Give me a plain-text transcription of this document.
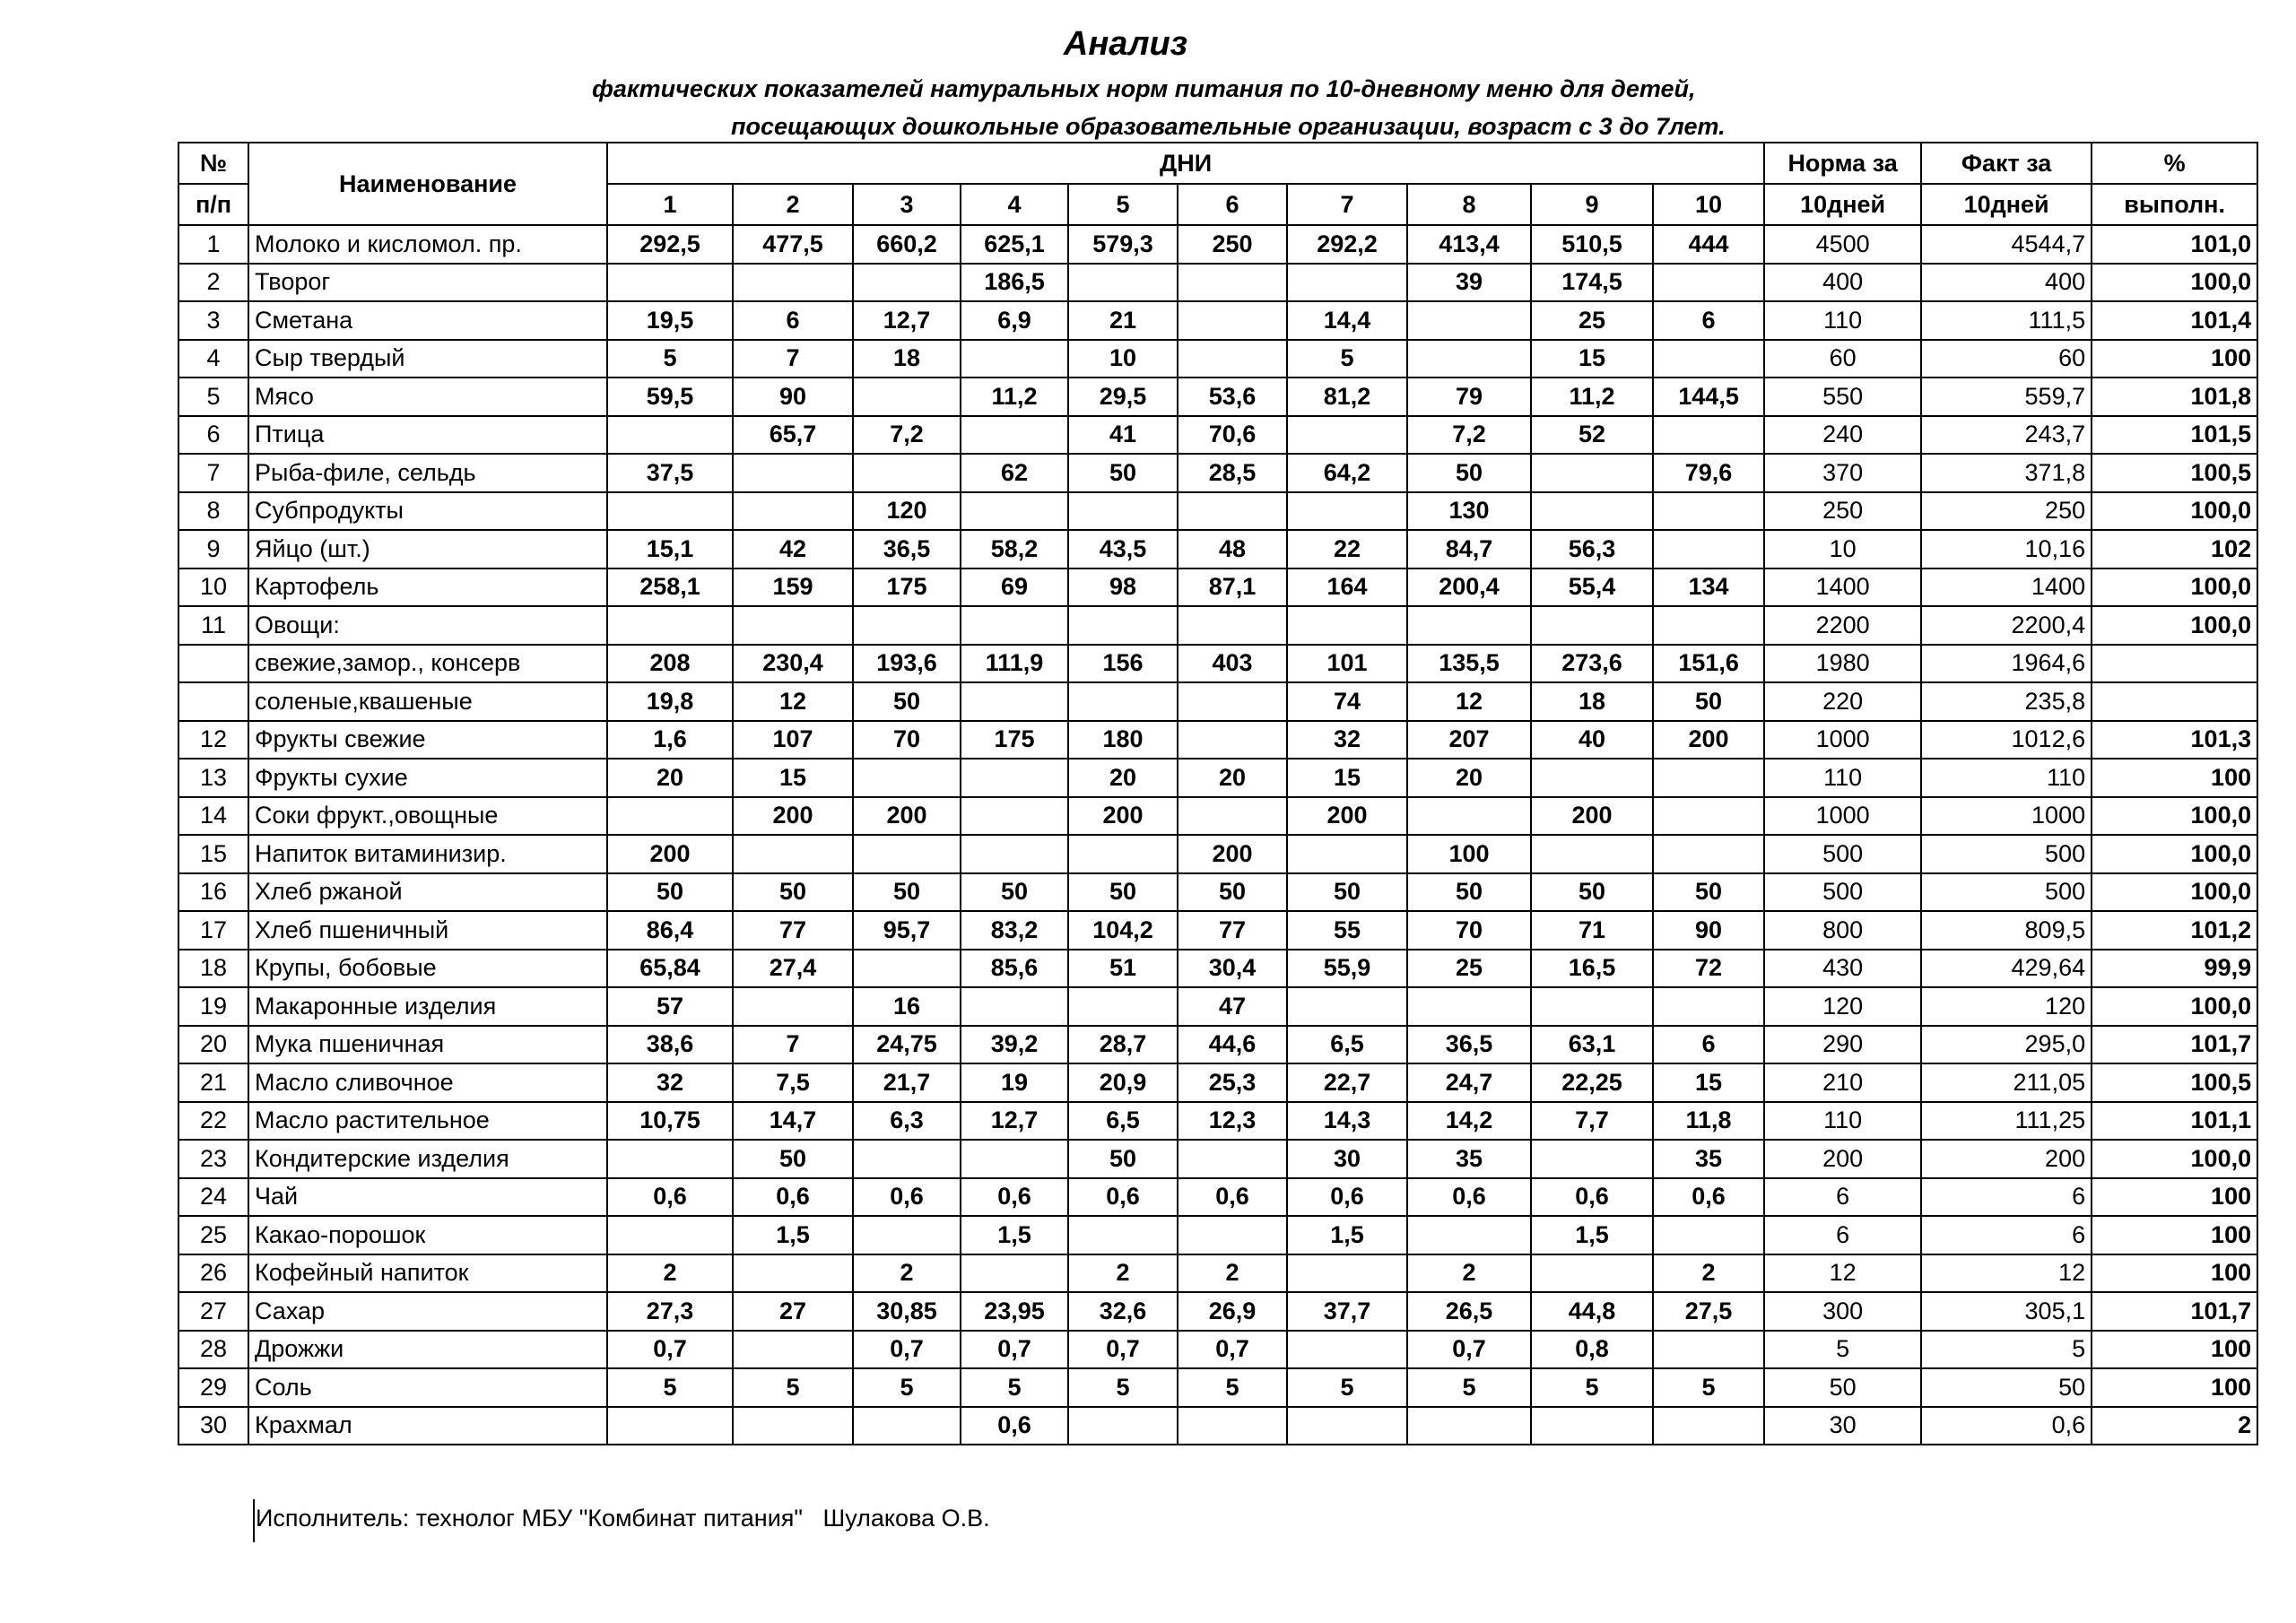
Анализ
фактических показателей натуральных норм питания по 10-дневному меню для детей,
посещающих дошкольные образовательные организации, возраст с 3 до 7лет.
№	Наименование	ДНИ										Норма за	Факт за	%
п/п		1	2	3	4	5	6	7	8	9	10	10дней	10дней	выполн.
1	Молоко и кисломол. пр.	292,5	477,5	660,2	625,1	579,3	250	292,2	413,4	510,5	444	4500	4544,7	101,0
2	Творог				186,5				39	174,5		400	400	100,0
3	Сметана	19,5	6	12,7	6,9	21		14,4		25	6	110	111,5	101,4
4	Сыр твердый	5	7	18		10		5		15		60	60	100
5	Мясо	59,5	90		11,2	29,5	53,6	81,2	79	11,2	144,5	550	559,7	101,8
6	Птица		65,7	7,2		41	70,6		7,2	52		240	243,7	101,5
7	Рыба-филе, сельдь	37,5			62	50	28,5	64,2	50		79,6	370	371,8	100,5
8	Субпродукты			120					130			250	250	100,0
9	Яйцо (шт.)	15,1	42	36,5	58,2	43,5	48	22	84,7	56,3		10	10,16	102
10	Картофель	258,1	159	175	69	98	87,1	164	200,4	55,4	134	1400	1400	100,0
11	Овощи:											2200	2200,4	100,0
	свежие,замор., консерв	208	230,4	193,6	111,9	156	403	101	135,5	273,6	151,6	1980	1964,6	
	соленые,квашеные	19,8	12	50				74	12	18	50	220	235,8	
12	Фрукты свежие	1,6	107	70	175	180		32	207	40	200	1000	1012,6	101,3
13	Фрукты сухие	20	15			20	20	15	20			110	110	100
14	Соки фрукт.,овощные		200	200		200		200		200		1000	1000	100,0
15	Напиток витаминизир.	200					200		100			500	500	100,0
16	Хлеб ржаной	50	50	50	50	50	50	50	50	50	50	500	500	100,0
17	Хлеб пшеничный	86,4	77	95,7	83,2	104,2	77	55	70	71	90	800	809,5	101,2
18	Крупы, бобовые	65,84	27,4		85,6	51	30,4	55,9	25	16,5	72	430	429,64	99,9
19	Макаронные изделия	57		16			47					120	120	100,0
20	Мука пшеничная	38,6	7	24,75	39,2	28,7	44,6	6,5	36,5	63,1	6	290	295,0	101,7
21	Масло сливочное	32	7,5	21,7	19	20,9	25,3	22,7	24,7	22,25	15	210	211,05	100,5
22	Масло растительное	10,75	14,7	6,3	12,7	6,5	12,3	14,3	14,2	7,7	11,8	110	111,25	101,1
23	Кондитерские изделия		50			50		30	35		35	200	200	100,0
24	Чай	0,6	0,6	0,6	0,6	0,6	0,6	0,6	0,6	0,6	0,6	6	6	100
25	Какао-порошок		1,5		1,5			1,5		1,5		6	6	100
26	Кофейный напиток	2		2		2	2		2		2	12	12	100
27	Сахар	27,3	27	30,85	23,95	32,6	26,9	37,7	26,5	44,8	27,5	300	305,1	101,7
28	Дрожжи	0,7		0,7	0,7	0,7	0,7		0,7	0,8		5	5	100
29	Соль	5	5	5	5	5	5	5	5	5	5	50	50	100
30	Крахмал				0,6							30	0,6	2
Исполнитель: технолог МБУ "Комбинат питания"   Шулакова О.В.
